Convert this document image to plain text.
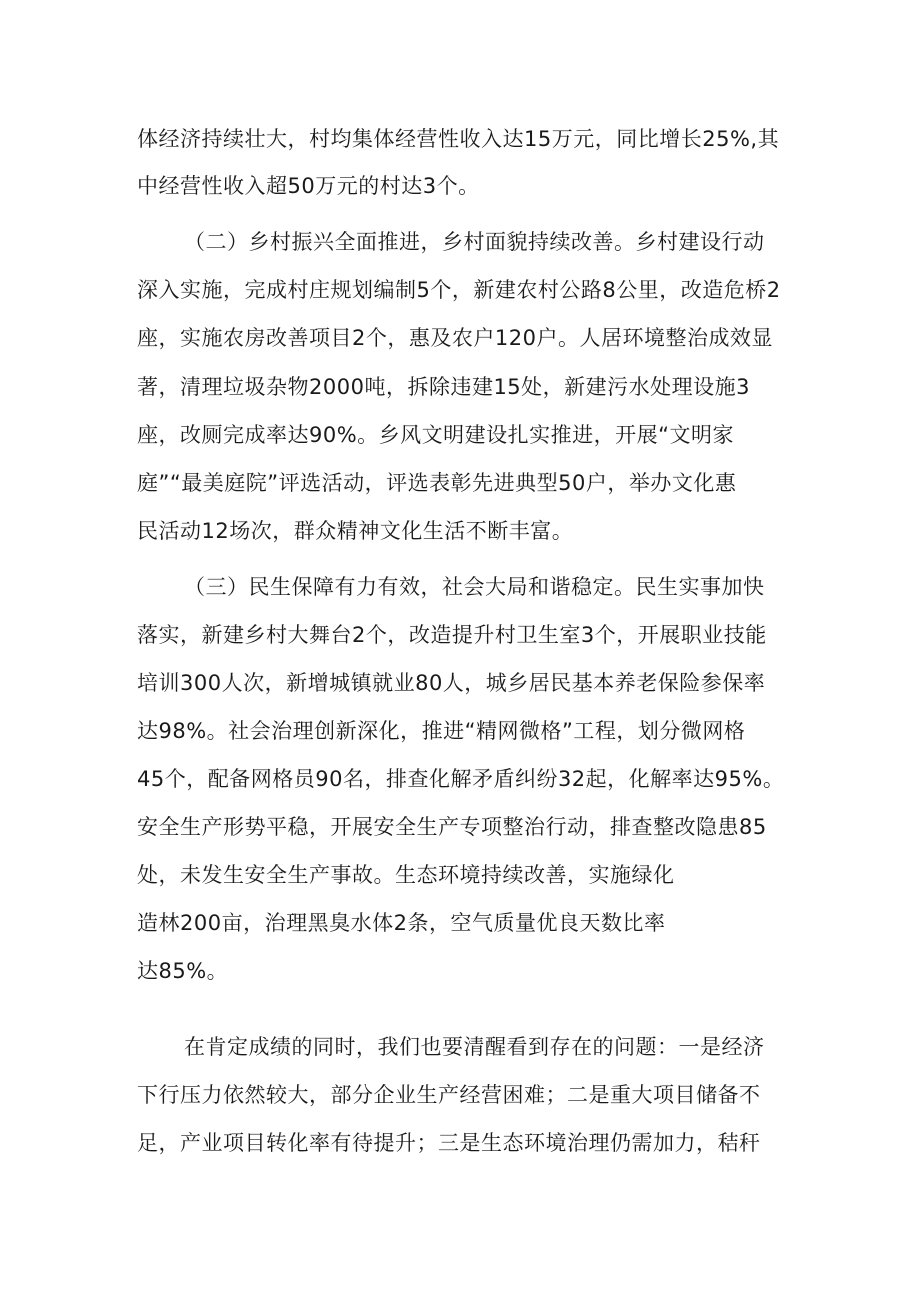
体经济持续壮大，村均集体经营性收入达15万元，同比增长25%,其
中经营性收入超50万元的村达3个。
（二）乡村振兴全面推进，乡村面貌持续改善。乡村建设行动
深入实施，完成村庄规划编制5个，新建农村公路8公里，改造危桥2
座，实施农房改善项目2个，惠及农户120户。人居环境整治成效显
著，清理垃圾杂物2000吨，拆除违建15处，新建污水处理设施3
座，改厕完成率达90%。乡风文明建设扎实推进，开展“文明家
庭”“最美庭院”评选活动，评选表彰先进典型50户，举办文化惠
民活动12场次，群众精神文化生活不断丰富。
（三）民生保障有力有效，社会大局和谐稳定。民生实事加快
落实，新建乡村大舞台2个，改造提升村卫生室3个，开展职业技能
培训300人次，新增城镇就业80人，城乡居民基本养老保险参保率
达98%。社会治理创新深化，推进“精网微格”工程，划分微网格
45个，配备网格员90名，排查化解矛盾纠纷32起，化解率达95%。
安全生产形势平稳，开展安全生产专项整治行动，排查整改隐患85
处，未发生安全生产事故。生态环境持续改善，实施绿化
造林200亩，治理黑臭水体2条，空气质量优良天数比率
达85%。
在肯定成绩的同时，我们也要清醒看到存在的问题：一是经济
下行压力依然较大，部分企业生产经营困难；二是重大项目储备不
足，产业项目转化率有待提升；三是生态环境治理仍需加力，秸秆
